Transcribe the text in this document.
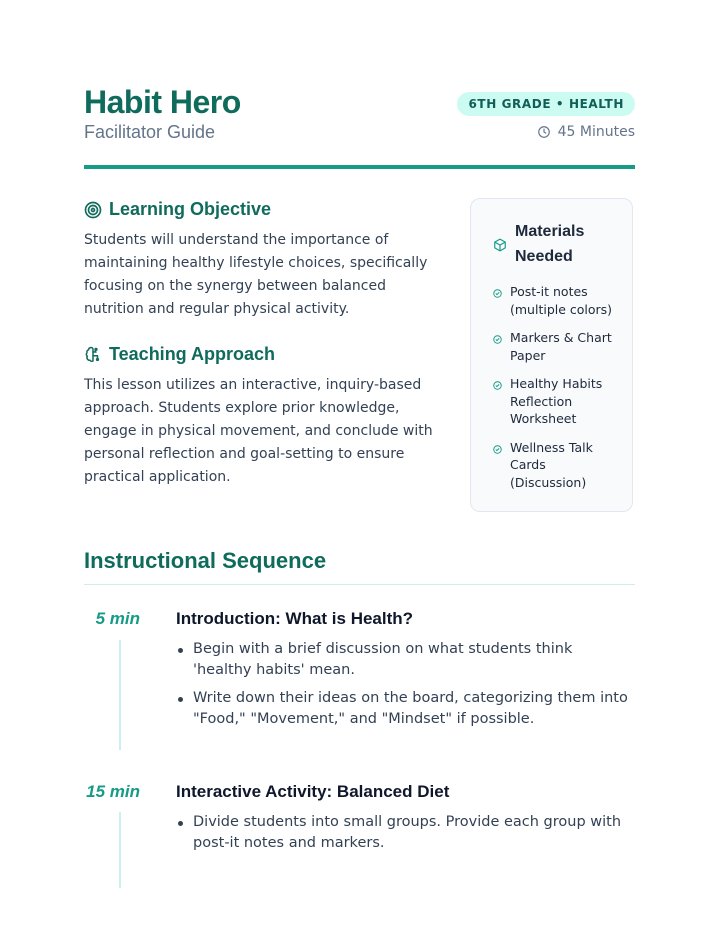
Habit Hero
Facilitator Guide
6TH GRADE • HEALTH
45 Minutes
Learning Objective

Students will understand the importance of maintaining healthy lifestyle choices, specifically focusing on the synergy between balanced nutrition and regular physical activity.

Teaching Approach

This lesson utilizes an interactive, inquiry-based approach. Students explore prior knowledge, engage in physical movement, and conclude with personal reflection and goal-setting to ensure practical application.

Materials Needed
Post-it notes (multiple colors)
Markers & Chart Paper
Healthy Habits Reflection Worksheet
Wellness Talk Cards (Discussion)
Instructional Sequence
5 min Introduction: What is Health?
Begin with a brief discussion on what students think 'healthy habits' mean.
Write down their ideas on the board, categorizing them into "Food," "Movement," and "Mindset" if possible.
15 min Interactive Activity: Balanced Diet
Divide students into small groups. Provide each group with post-it notes and markers.
